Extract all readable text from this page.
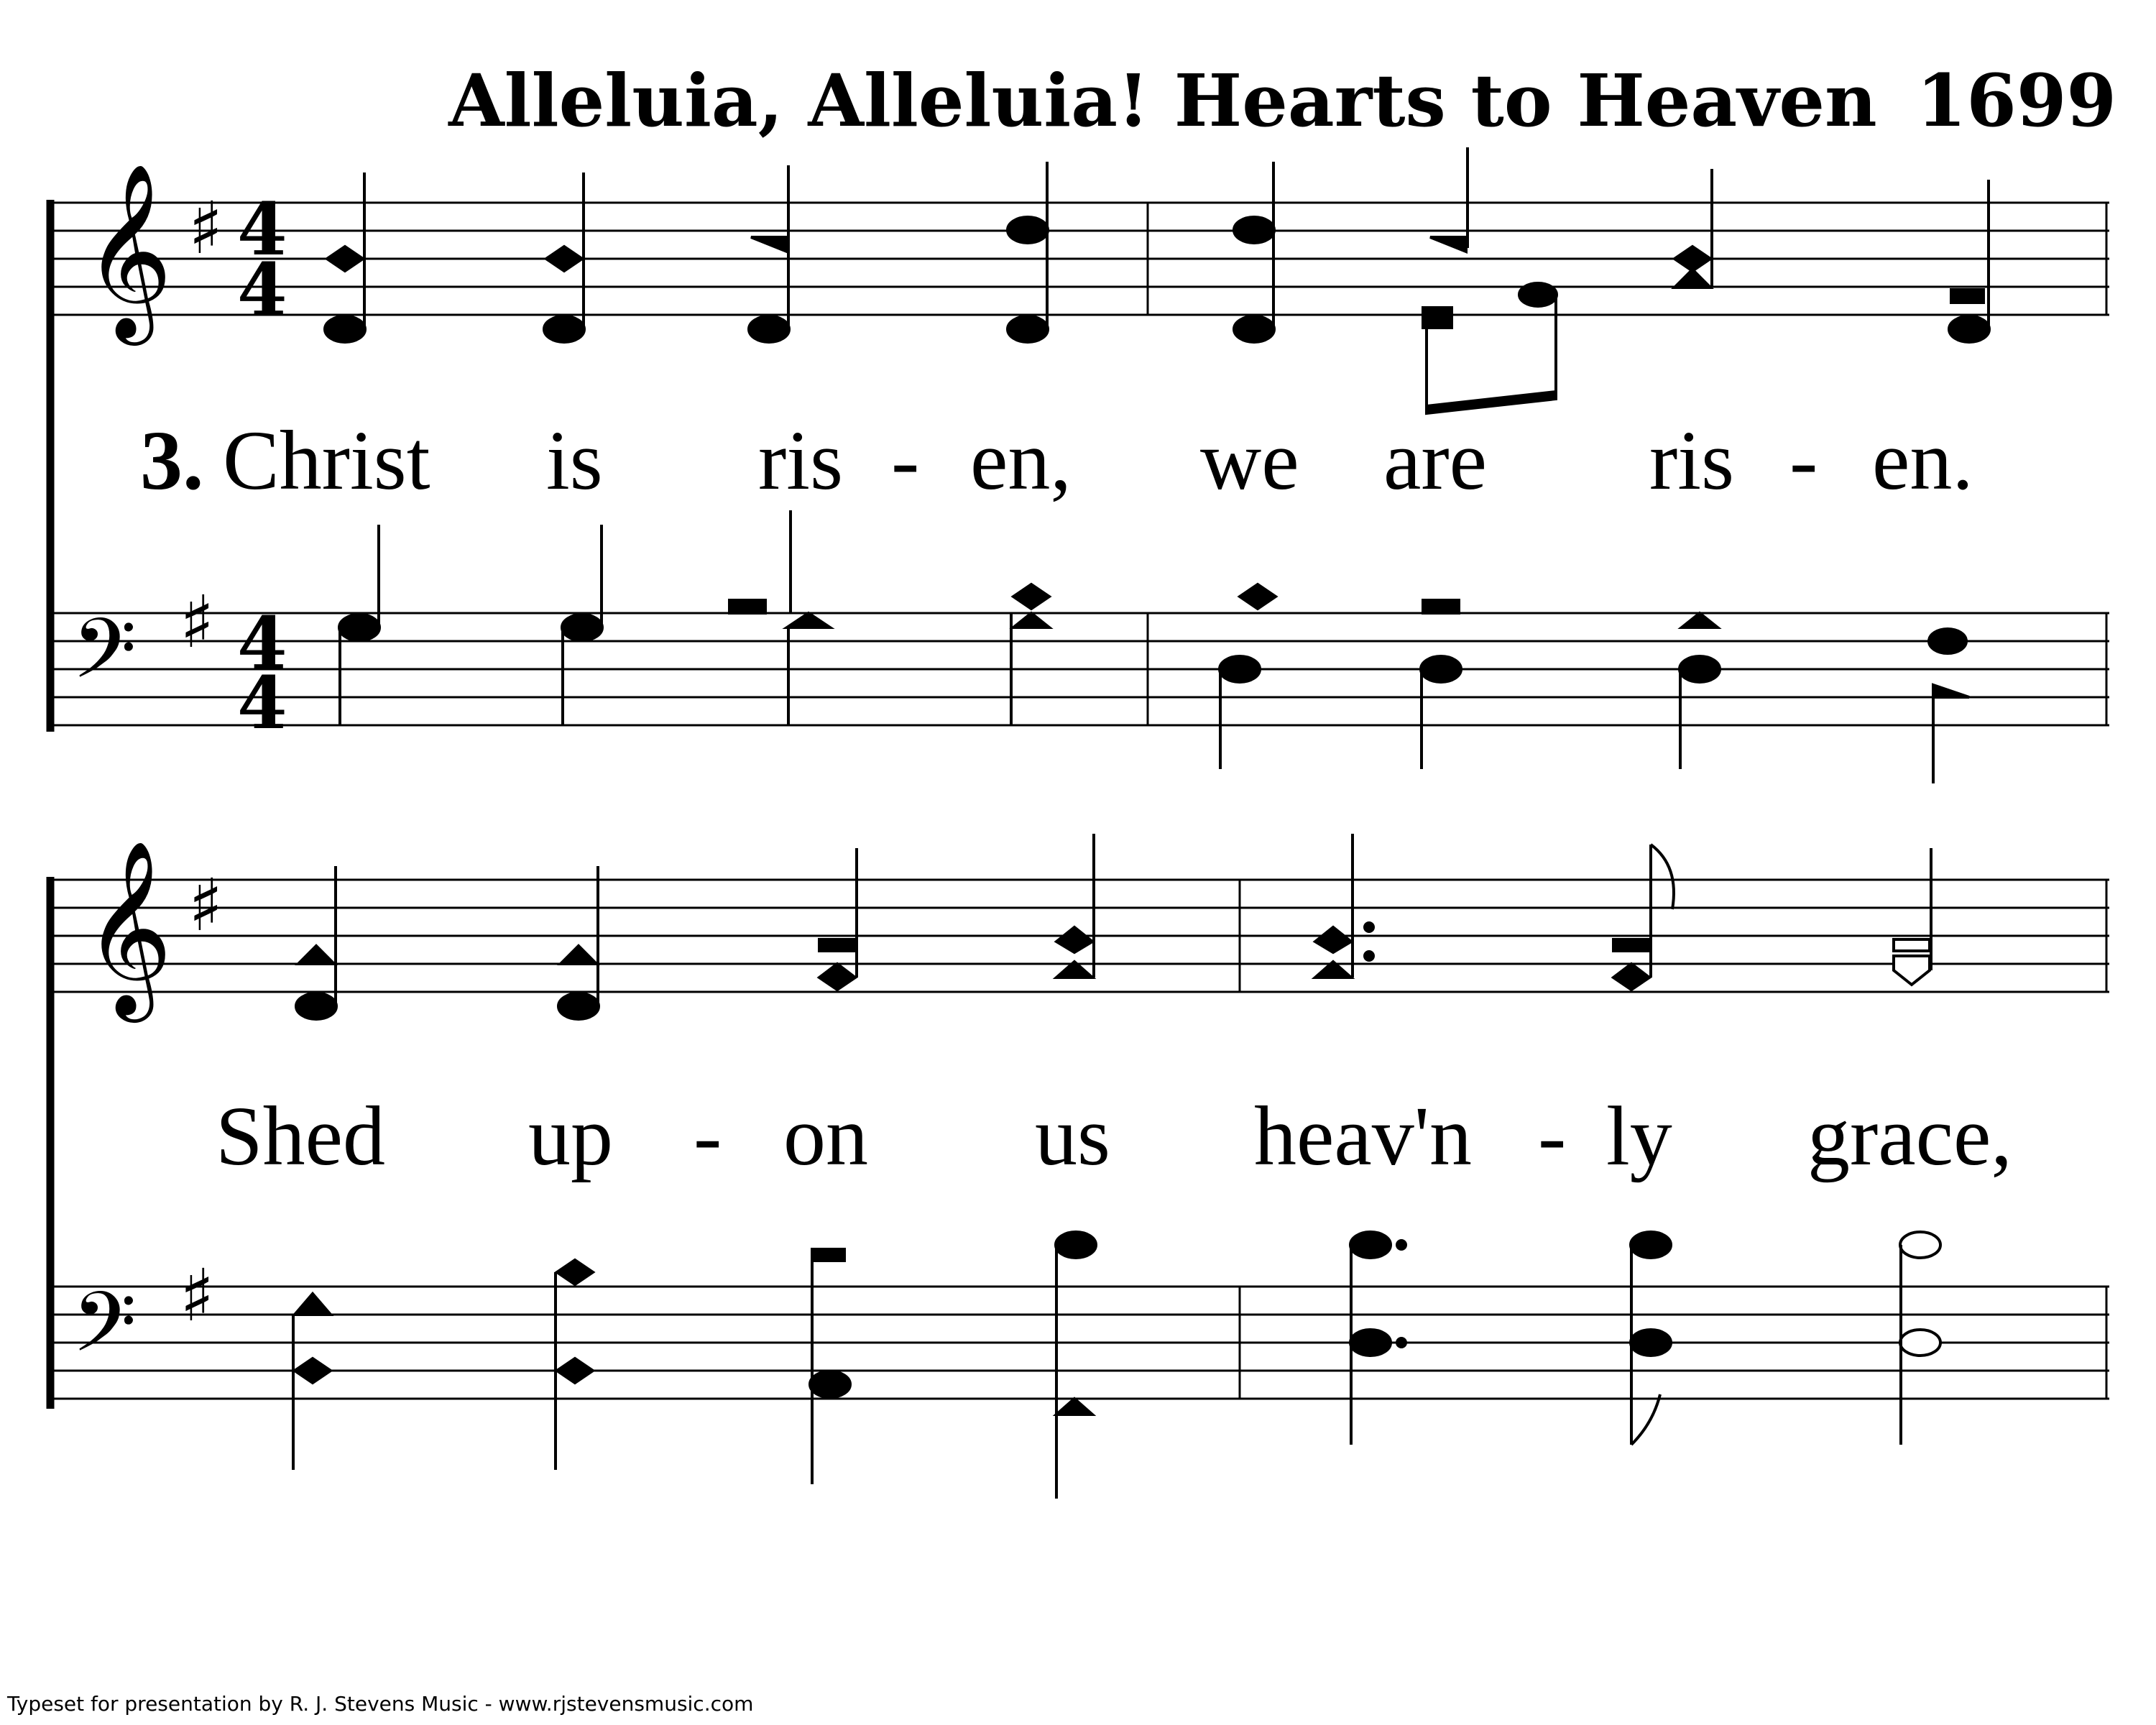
Alleluia, Alleluia! Hearts to Heaven 1699
𝄞 ♯ 4
4
3. Christ is ris - en, we are ris - en.
𝄢 ♯ 4
4
𝄞 ♯
Shed up - on us heav'n - ly grace,
𝄢 ♯
Typeset for presentation by R. J. Stevens Music - www.rjstevensmusic.com
